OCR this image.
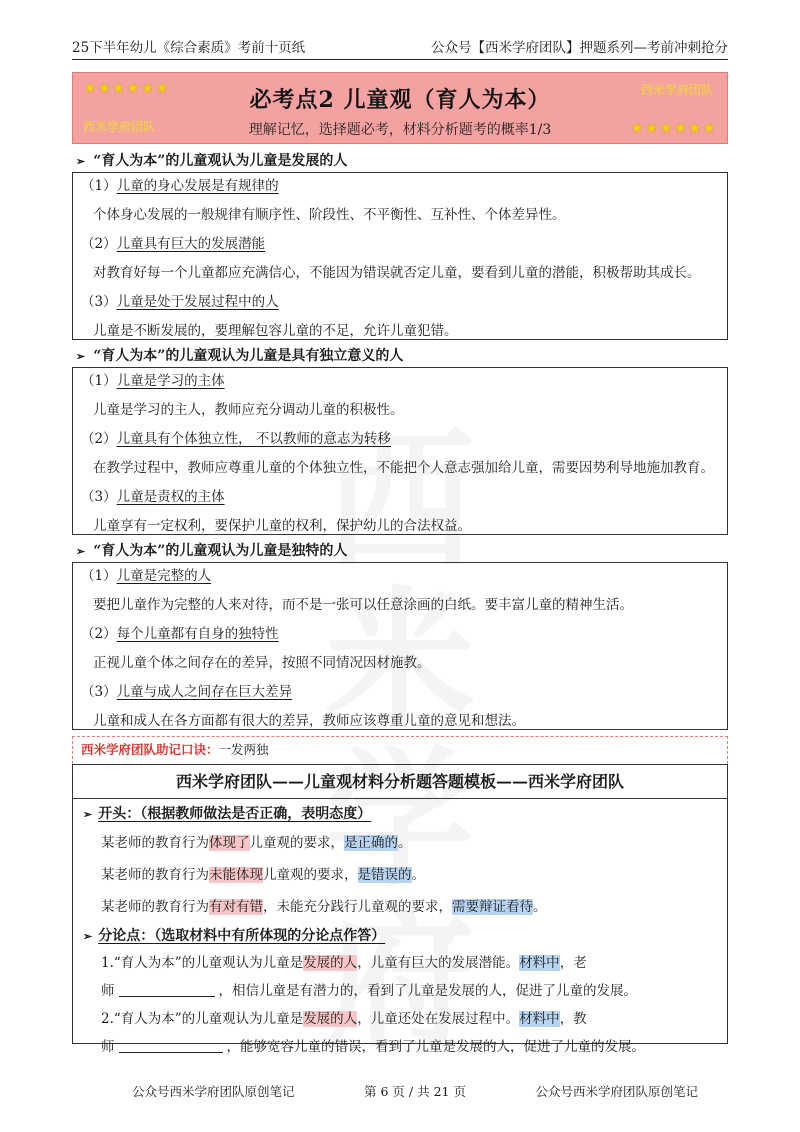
25下半年幼儿《综合素质》考前十页纸	公众号【西米学府团队】押题系列—考前冲刺抢分
★★★★★★	西米学府团队
西米学府团队	★★★★★★
必考点2 儿童观（育人为本）
理解记忆，选择题必考，材料分析题考的概率1/3

➢ “育人为本”的儿童观认为儿童是发展的人
（1）儿童的身心发展是有规律的
个体身心发展的一般规律有顺序性、阶段性、不平衡性、互补性、个体差异性。
（2）儿童具有巨大的发展潜能
对教育好每一个儿童都应充满信心，不能因为错误就否定儿童，要看到儿童的潜能，积极帮助其成长。
（3）儿童是处于发展过程中的人
儿童是不断发展的，要理解包容儿童的不足，允许儿童犯错。
➢ “育人为本”的儿童观认为儿童是具有独立意义的人
（1）儿童是学习的主体
儿童是学习的主人，教师应充分调动儿童的积极性。
（2）儿童具有个体独立性， 不以教师的意志为转移
在教学过程中，教师应尊重儿童的个体独立性，不能把个人意志强加给儿童，需要因势利导地施加教育。
（3）儿童是责权的主体
儿童享有一定权利，要保护儿童的权利，保护幼儿的合法权益。
➢ “育人为本”的儿童观认为儿童是独特的人
（1）儿童是完整的人
要把儿童作为完整的人来对待，而不是一张可以任意涂画的白纸。要丰富儿童的精神生活。
（2）每个儿童都有自身的独特性
正视儿童个体之间存在的差异，按照不同情况因材施教。
（3）儿童与成人之间存在巨大差异
儿童和成人在各方面都有很大的差异，教师应该尊重儿童的意见和想法。
西米学府团队助记口诀：一发两独
西米学府团队——儿童观材料分析题答题模板——西米学府团队
➢ 开头：（根据教师做法是否正确，表明态度）
某老师的教育行为体现了儿童观的要求，是正确的。
某老师的教育行为未能体现儿童观的要求，是错误的。
某老师的教育行为有对有错，未能充分践行儿童观的要求，需要辩证看待。
➢ 分论点：（选取材料中有所体现的分论点作答）
1.“育人为本”的儿童观认为儿童是发展的人，儿童有巨大的发展潜能。材料中，老
师	，相信儿童是有潜力的，看到了儿童是发展的人，促进了儿童的发展。
2.“育人为本”的儿童观认为儿童是发展的人，儿童还处在发展过程中。材料中，教
师	，能够宽容儿童的错误，看到了儿童是发展的人，促进了儿童的发展。
公众号西米学府团队原创笔记	第 6 页 / 共 21 页	公众号西米学府团队原创笔记
